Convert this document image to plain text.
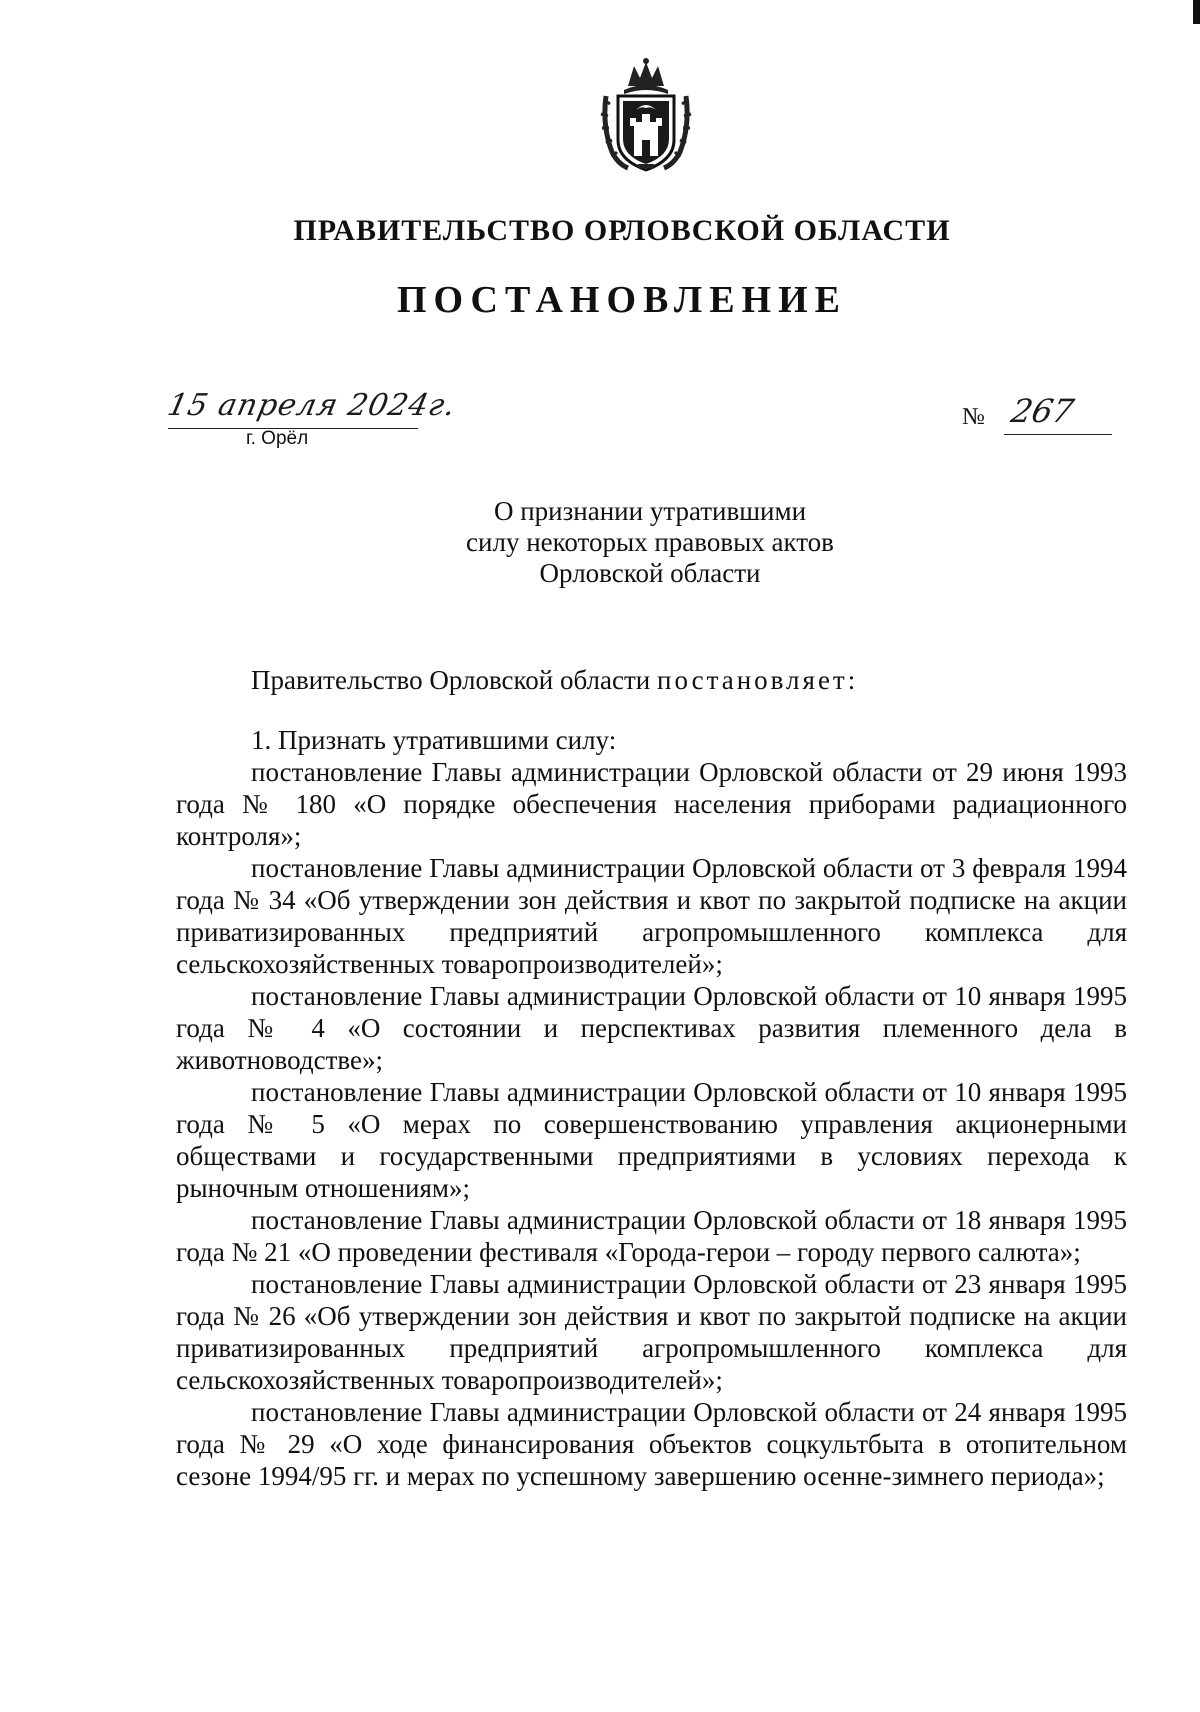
ПРАВИТЕЛЬСТВО ОРЛОВСКОЙ ОБЛАСТИ
ПОСТАНОВЛЕНИЕ
15 апреля 2024г.
г. Орёл
№ 267
О признании утратившими
силу некоторых правовых актов
Орловской области

Правительство Орловской области постановляет:

1. Признать утратившими силу:

постановление Главы администрации Орловской области от 29 июня 1993 года № 180 «О порядке обеспечения населения приборами радиационного контроля»;

постановление Главы администрации Орловской области от 3 февраля 1994 года № 34 «Об утверждении зон действия и квот по закрытой подписке на акции приватизированных предприятий агропромышленного комплекса для сельскохозяйственных товаропроизводителей»;

постановление Главы администрации Орловской области от 10 января 1995 года № 4 «О состоянии и перспективах развития племенного дела в животноводстве»;

постановление Главы администрации Орловской области от 10 января 1995 года № 5 «О мерах по совершенствованию управления акционерными обществами и государственными предприятиями в условиях перехода к рыночным отношениям»;

постановление Главы администрации Орловской области от 18 января 1995 года № 21 «О проведении фестиваля «Города-герои – городу первого салюта»;

постановление Главы администрации Орловской области от 23 января 1995 года № 26 «Об утверждении зон действия и квот по закрытой подписке на акции приватизированных предприятий агропромышленного комплекса для сельскохозяйственных товаропроизводителей»;

постановление Главы администрации Орловской области от 24 января 1995 года № 29 «О ходе финансирования объектов соцкультбыта в отопительном сезоне 1994/95 гг. и мерах по успешному завершению осенне-зимнего периода»;
